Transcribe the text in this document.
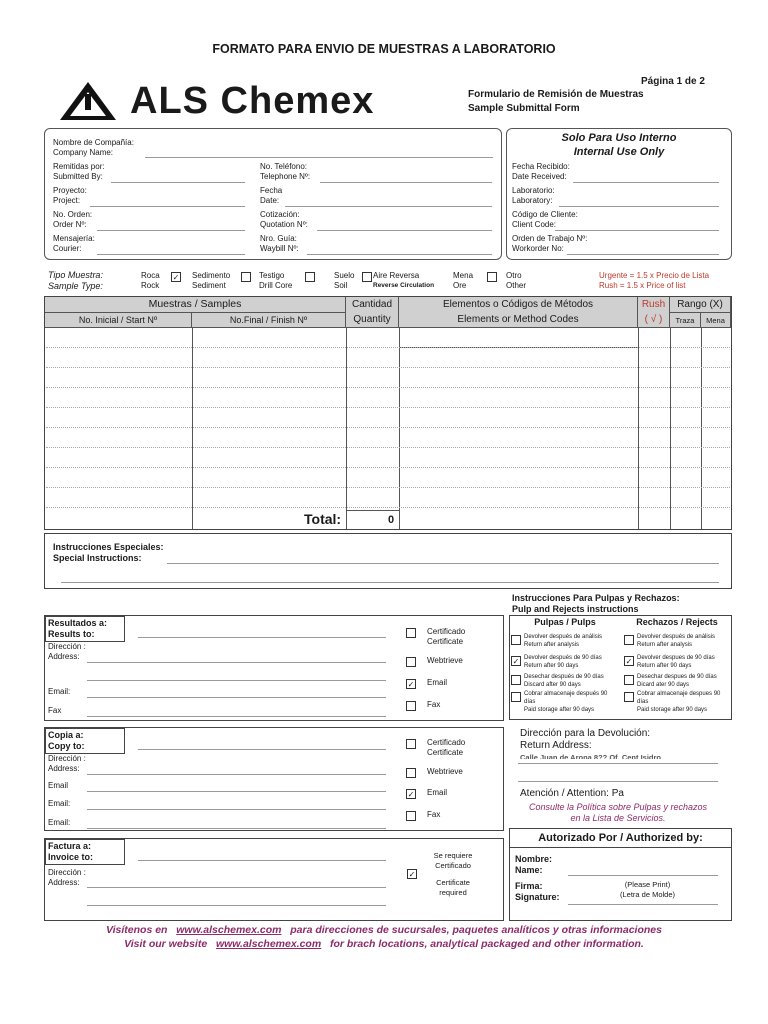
FORMATO PARA ENVIO DE MUESTRAS A LABORATORIO
ALS ALS Chemex	Página 1 de 2
Formulario de Remisión de Muestras
Sample Submittal Form
Nombre de Compañía:
Company Name:
Remitidas por:
Submitted By:
No. Teléfono:
Telephone Nº:
Proyecto:
Project:
Fecha
Date:
No. Orden:
Order Nº:
Cotización:
Quotation Nº:
Mensajería:
Courier:
Nro. Guía:
Waybill Nº:
Solo Para Uso Interno
Internal Use Only
Fecha Recibido:
Date Received:
Laboratorio:
Laboratory:
Código de Cliente:
Client Code:
Orden de Trabajo Nº:
Workorder No:
Tipo Muestra:
Sample Type:
Roca
Rock
Sedimento
Sediment
Testigo
Drill Core
Suelo
Soil
Aire Reversa
Reverse Circulation
Mena
Ore
Otro
Other
✓	Urgente = 1.5 x Precio de Lista
Rush = 1.5 x Price of list
Muestras / Samples
No. Inicial / Start Nº	No.Final / Finish Nº
Cantidad
Quantity
Elementos o Códigos de Métodos
Elements or Method Codes
Rush
( √ )
Rango (X)
Traza	Mena
Total:	0
Instrucciones Especiales:
Special Instructions:
Instrucciones Para Pulpas y Rechazos:
Pulp and Rejects instructions
Resultados a:
Results to:
Dirección :
Address:
Email:
Fax
Certificado Certificate
Webtrieve
✓ Email
Fax
Copia a:
Copy to:
Dirección :
Address:
Email
Email:
Email:
Certificado Certificate
Webtrieve
✓ Email
Fax
Factura a:
Invoice to:
Dirección :
Address:
Se requiere Certificado
✓
Certificate required
Pulpas / Pulps	Rechazos / Rejects
Devolver después de análisis
Return after analysis
✓ Devolver después de 90 días
Return after 90 days
Desechar después de 90 días
Discard after 90 days
Cobrar almacenaje después 90 días
Paid storage after 90 days
Devolver después de análisis
Return after analysis
✓ Devolver despues de 90 días
Return after 90 days
Desechar despues de 90 días
Dicard ater 90 days
Cobrar almacenaje despues 90 días
Paid storage after 90 days
Dirección para la Devolución:
Return Address:
Calle Juan de Arona 8?? Of. Cent Isidro
Atención / Attention: Pa
Consulte la Política sobre Pulpas y rechazos
en la Lista de Servicios.
Autorizado Por / Authorized by:
Nombre:
Name:
Firma:
Signature:
(Please Print)
(Letra de Molde)
Visítenos en www.alschemex.com para direcciones de sucursales, paquetes analíticos y otras informaciones
Visit our website www.alschemex.com for brach locations, analytical packaged and other information.
